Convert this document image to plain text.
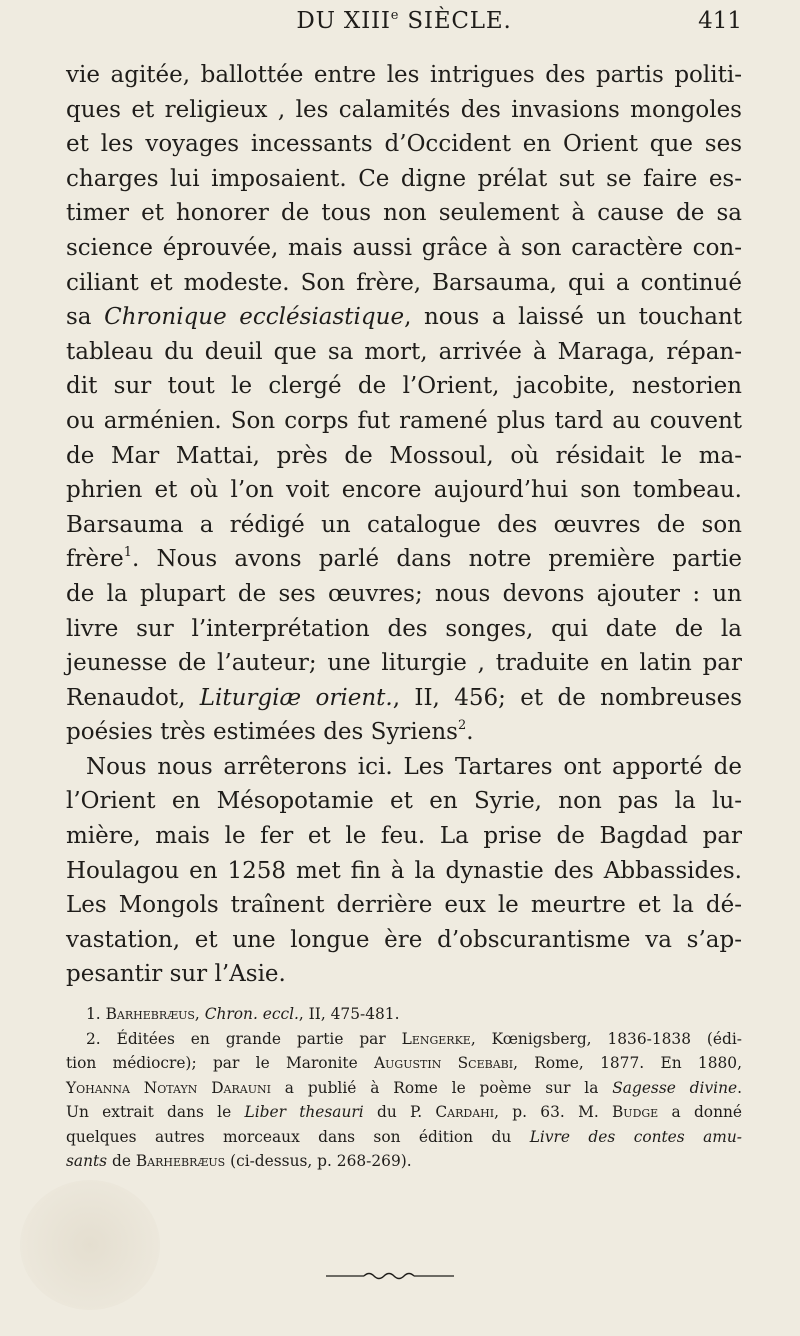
DU XIIIe SIÈCLE.	411
vie agitée, ballottée entre les intrigues des partis politi-
ques et religieux , les calamités des invasions mongoles
et les voyages incessants d’Occident en Orient que ses
charges lui imposaient. Ce digne prélat sut se faire es-
timer et honorer de tous non seulement à cause de sa
science éprouvée, mais aussi grâce à son caractère con-
ciliant et modeste. Son frère, Barsauma, qui a continué
sa Chronique ecclésiastique, nous a laissé un touchant
tableau du deuil que sa mort, arrivée à Maraga, répan-
dit sur tout le clergé de l’Orient, jacobite, nestorien
ou arménien. Son corps fut ramené plus tard au couvent
de Mar Mattai, près de Mossoul, où résidait le ma-
phrien et où l’on voit encore aujourd’hui son tombeau.
Barsauma a rédigé un catalogue des œuvres de son
frère$^1$. Nous avons parlé dans notre première partie
de la plupart de ses œuvres; nous devons ajouter : un
livre sur l’interprétation des songes, qui date de la
jeunesse de l’auteur; une liturgie , traduite en latin par
Renaudot, Liturgiæ orient., II, 456; et de nombreuses
poésies très estimées des Syriens$^2$.
Nous nous arrêterons ici. Les Tartares ont apporté de
l’Orient en Mésopotamie et en Syrie, non pas la lu-
mière, mais le fer et le feu. La prise de Bagdad par
Houlagou en 1258 met fin à la dynastie des Abbassides.
Les Mongols traînent derrière eux le meurtre et la dé-
vastation, et une longue ère d’obscurantisme va s’ap-
pesantir sur l’Asie.
1. Barhebræus, Chron. eccl., II, 475-481.
2. Éditées en grande partie par Lengerke, Kœnigsberg, 1836-1838 (édi-
tion médiocre); par le Maronite Augustin Scebabi, Rome, 1877. En 1880,
Yohanna Notayn Darauni a publié à Rome le poème sur la Sagesse divine.
Un extrait dans le Liber thesauri du P. Cardahi, p. 63. M. Budge a donné
quelques autres morceaux dans son édition du Livre des contes amu-
sants de Barhebræus (ci-dessus, p. 268-269).
